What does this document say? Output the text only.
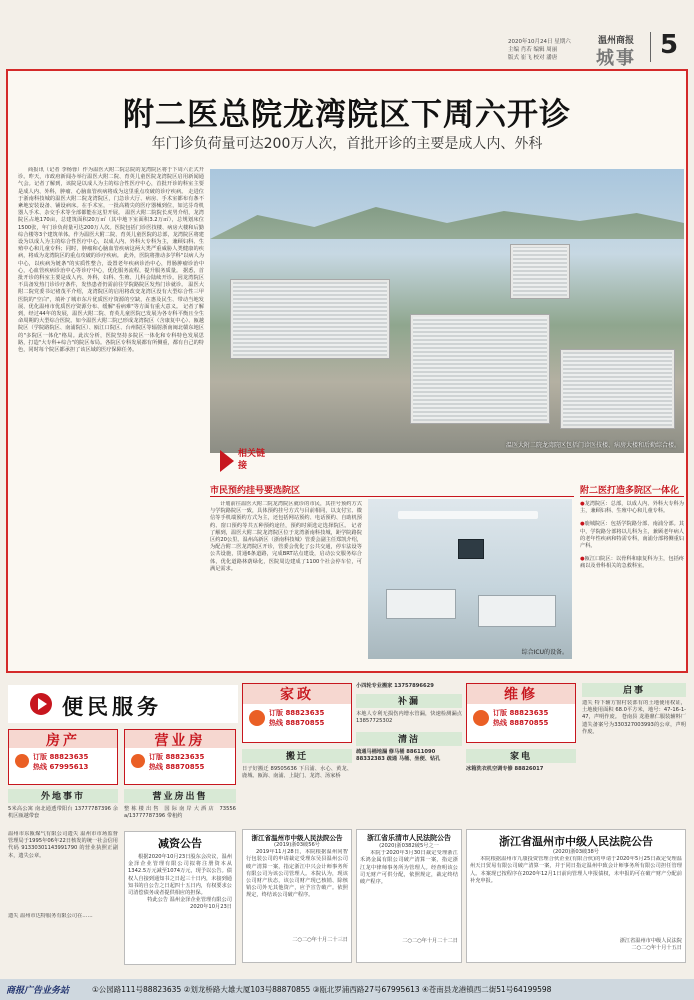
2020年10月24日 星期六
主编 肖若 编辑 周丽
版式 崔飞 校对 潘唐
温州商报
城事 5
附二医总院龙湾院区下周六开诊
年门诊负荷量可达200万人次，首批开诊的主要是成人内、外科
商报讯（记者 李杨蓉）作为温医大附二院总院的龙湾院区将于下周六正式开诊。昨天，市政府新闻办举行温医大附二院、育英儿童医院龙湾院区启用新闻通气会。记者了解到，该院是以成人为主的综合性医疗中心，首批开诊的科室主要是成人内、外科，肿瘤、心脑血管疾病将成为这里重点攻破的诊疗疾病。 走进位于浙南科技城的温医大附二院龙湾院区，门急诊大厅、病房、手术室都布有条不紊地安装设备、铺设病床。在手术室，一批高精尖的医疗器械到位，如达芬奇机器人手术、杂交手术等全部都能在这里开展。 温医大附二院院长虎男介绍，龙湾院区占地170亩，总建筑面积20万㎡（其中地下室面积3.2万㎡），总规划床位1500张，年门诊负荷量可达200万人次。医院包括门诊医技楼、病房大楼和后勤综合楼等3个建筑单体。作为温医大附二院、育英儿童医院的总部，龙湾院区将建设为以成人为主的综合性医疗中心，以成人内、外科大专科为主，兼顾妇科、生殖中心和儿童专科；同时，肿瘤和心脑血管疾病这两大类严重威胁人类健康的疾病，将成为龙湾院区的重点攻破的诊疗疾病。 此外，医院将推动多学科"以病人为中心，以疾病为链条"的实质性整合，设置老年疾病诊治中心，胃肠肿瘤诊治中心，心血管疾病诊治中心等诊疗中心，优化服务流程，提升服务质量。 据悉，首批开诊的科室主要是成人内、外科，妇科、生殖、儿科会陆续开诊。因龙湾院区不具备发热门诊诊疗条件，发热患者仍需前往学院路院区发热门诊就诊。 温医大附二院党委书记褚茂平介绍，龙湾院区的启用将改变龙湾区没有大型综合性三甲医院的"空白"，填补了城市东片优质医疗资源的空缺，在惠及民生、带动当地发展、优化温州市优质医疗资源分布、缓解"看病难"等方面有重大意义。 记者了解到，经过44年的发展，温医大附二院、育英儿童医院已发展为各专科平衡且全生命周期的大型综合医院。如今温医大附二院已形成龙湾院区（含康复中心）、瓯越院区（学院路院区、南浦院区）、瓯江口院区、台州院区等辐射浙南闽北赣东地区的"多院区一体化"格局。此次分析，医院坚持多院区一体化和专科特色发展思路，打造"大专科+综合"的院区布局。各院区专科发展都有所侧重，都有自己的特色，同时每个院区都承担了该区域的医疗保障任务。
温医大附二院龙湾院区包括门诊医技楼、病房大楼和后勤综合楼。
相关链接
市民预约挂号要选院区
计划前往温医大附二院龙湾院区就诊的市民，其挂号预约方式与学院路院区一致，具体预约挂号方式与目前相同，以支付宝、微信等手机端预约方式为主，还包括网站预约、电话预约、自助机预约、窗口预约等共五种预约途径，预约时须选定选择院区。 记者了解到，温医大附二院龙湾院区位于龙湾浙南科技城，距学院路院区约20公里。温州高新区（浙南科技城）管委会副主任郑凯介绍，为配合附二医龙湾院区开诊，管委会优化了公共交通，停车法设等公共设施，贯通6条道路，完成BRT站点建设，启动公交服务综合体，优化道路林荫绿化，医院周边建成了1100个社会停车位，可满足需求。
综合ICU的设备。
附二医打造多院区一体化
●龙湾院区：总部，以成人内、外科大专科为主，兼顾妇科、生殖中心和儿童专科。
●鹿城院区：包括学院路分部、南浦分部。其中，学院路分部将以儿科为主，兼顾老年病人的老年性疾病和特需专科，南浦分部将侧重妇产科。
●瓯江口院区：以骨科和康复科为主，包括疼痛以及骨科相关的急救科室。
便民服务	家政
订版 88823635
热线 88870855
小四轮专业搬家 13757896629
补漏
本地人专利无损伤内增水管漏，快速检测漏点 13857725302
清洁
疏通马桶地漏 修马桶 88611090
88332383 疏通 马桶、坐便、钻孔
维修
订版 88823635
热线 88870855
启事
遗失 特下辅方窗村装部有的土地使用权证，土地使用面积 68.0平方米，地号：47-16-1-47，声明作废。 苍南县 龙港鼎仁服装辅料厂遗失备案号为330327003993的公章，声明作废。
房产
订版 88823635
热线 67995613
营业房
订版 88823635
热线 88870855
搬迁
日子好搬迁 89505636 下吕浦、水心、黄龙、鹿城、瓯海、南浦、上陡门、龙湾、汤家桥
家电
冰箱洗衣机空调专修 88826017
外地事市
5米高公寓 南北通透带阳台 13777787396 余机区瓯越带套
营业房出售
整栋楼出售 国际南岸大酒店 73556 a/13777787396 带租约
温州市东瓯煤气有限公司遗失 温州市市场监督管理局于1995年06年22日核发的统一社会信用代码 91330301143991790 的营业执照正副本，遗失公章。
遗失 温州市达特服务有限公司在……
减资公告
根据2020年10月23日股东会决议，温州金泽企业管理有限公司拟将注册资本从1342.5万元减至1074万元，现予以公告。债权人自接到通知书之日起三十日内，未接到通知书的自公告之日起四十五日内，有权要求公司清偿债务或者提供相应的担保。
特此公告 温州金泽企业管理有限公司
2020年10月23日
浙江省温州市中级人民法院公告
(2019)浙03破56号
2019年11月28日，本院根据温州同智行包装公司的申请裁定受理东吴县温州公司破产清算一案，指定浙江中兴会计师事务所有限公司为该公司管理人。本院认为，现该公司财产状态，该公司财产现已核销、除核销公司外无其他资产，应予宣告破产。依照规定，终结该公司破产程序。
二○二○年十月二十三日
浙江省乐清市人民法院公告
(2020)浙0382破5号之一
本院于2020年3月30日裁定受理浙江禾鸿金属有限公司破产清算一案，指定浙江龙中律师事务所为管理人。经查明该公司无财产可供分配，依照规定，裁定终结破产程序。
二○二○年十月二十二日
浙江省温州市中级人民法院公告
(2020)浙03破38号
本院根据温州市九康投资管理合伙企业(有限合伙)的申请于2020年5月25日裁定受理温州天日贸易有限公司破产清算一案，并于同日指定温州中致会计师事务所有限公司担任管理人。本案现已按程序在2020年12月1日前向管理人申报债权，未申报的可在破产财产分配前补充申报。
浙江省温州市中级人民法院
二○二○年十月十五日
商报广告业务站	①公园路111号88823635 ②划龙桥路大雄大厦103号88870855 ③瓯北罗浦西路27号67995613 ④苍南县龙港镇西二街51号64199598
